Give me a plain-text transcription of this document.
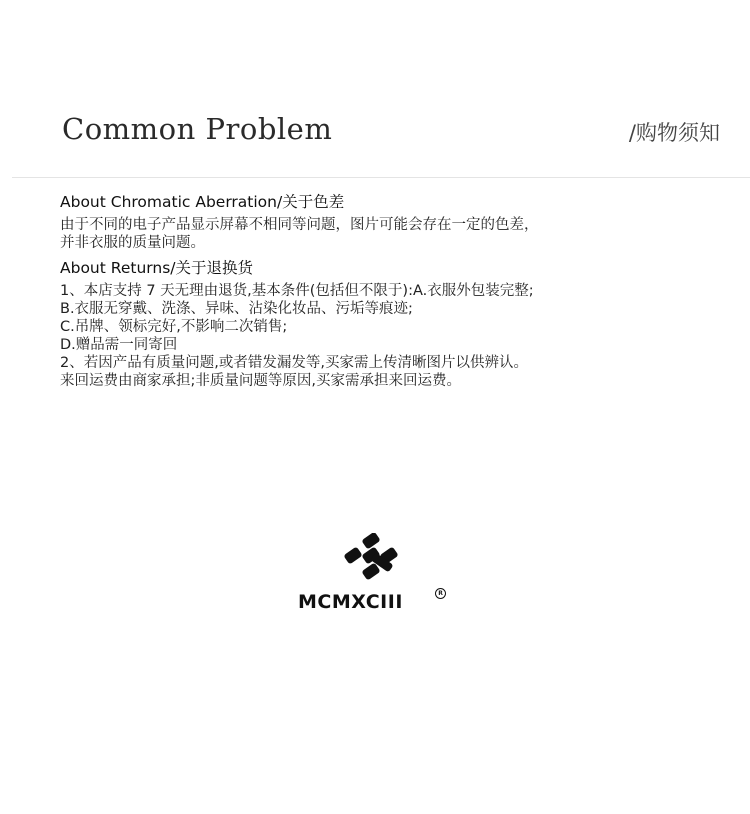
Common Problem	/购物须知
About Chromatic Aberration/关于色差
由于不同的电子产品显示屏幕不相同等问题，图片可能会存在一定的色差，
并非衣服的质量问题。
About Returns/关于退换货
1、本店支持 7 天无理由退货,基本条件(包括但不限于):A.衣服外包装完整;
B.衣服无穿戴、洗涤、异味、沾染化妆品、污垢等痕迹;
C.吊牌、领标完好,不影响二次销售;
D.赠品需一同寄回
2、若因产品有质量问题,或者错发漏发等,买家需上传清晰图片以供辨认。
来回运费由商家承担;非质量问题等原因,买家需承担来回运费。
MCMXCIII	R
